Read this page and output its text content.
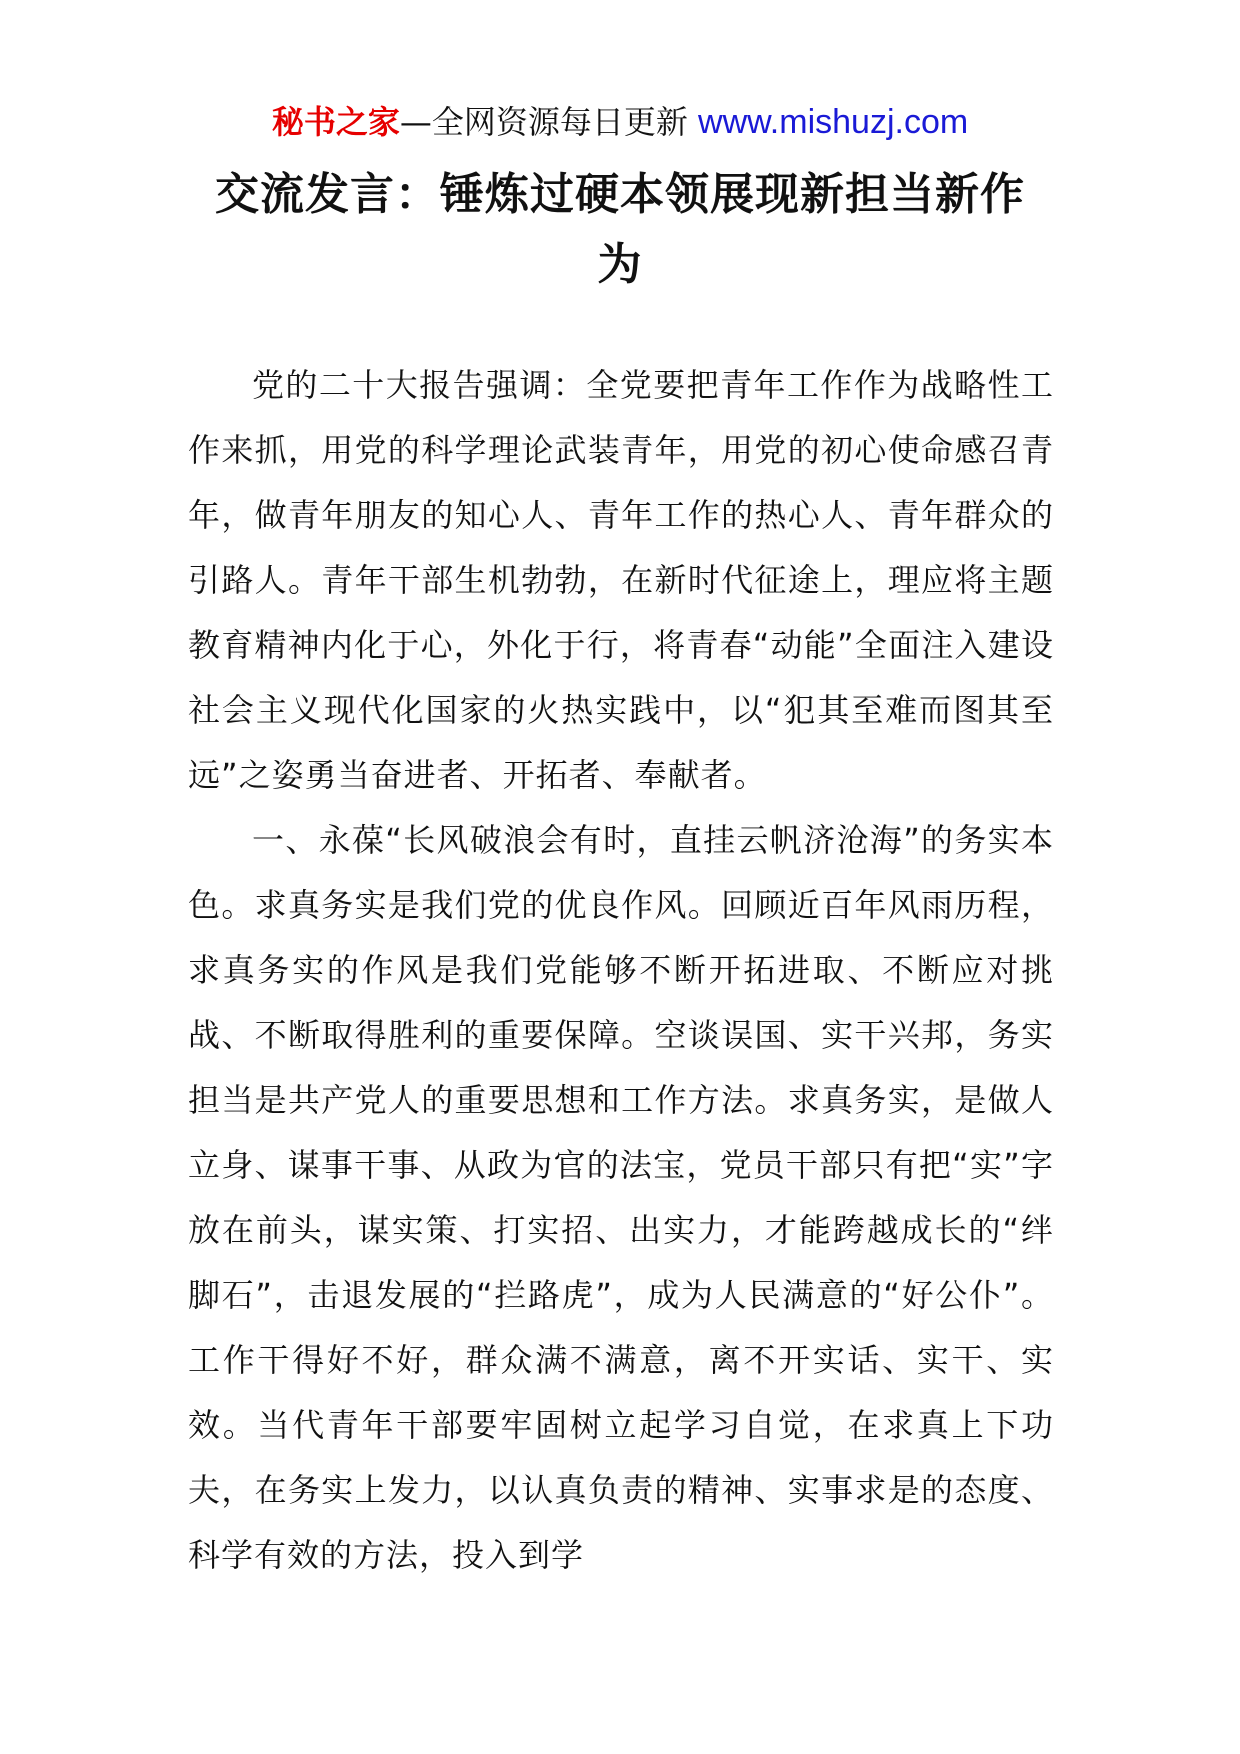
秘书之家—全网资源每日更新 www.mishuzj.com
交流发言：锤炼过硬本领展现新担当新作为

党的二十大报告强调：全党要把青年工作作为战略性工作来抓，用党的科学理论武装青年，用党的初心使命感召青年，做青年朋友的知心人、青年工作的热心人、青年群众的引路人。青年干部生机勃勃，在新时代征途上，理应将主题教育精神内化于心，外化于行，将青春“动能”全面注入建设社会主义现代化国家的火热实践中，以“犯其至难而图其至远”之姿勇当奋进者、开拓者、奉献者。

一、永葆“长风破浪会有时，直挂云帆济沧海”的务实本色。求真务实是我们党的优良作风。回顾近百年风雨历程，求真务实的作风是我们党能够不断开拓进取、不断应对挑战、不断取得胜利的重要保障。空谈误国、实干兴邦，务实担当是共产党人的重要思想和工作方法。求真务实，是做人立身、谋事干事、从政为官的法宝，党员干部只有把“实”字放在前头，谋实策、打实招、出实力，才能跨越成长的“绊脚石”，击退发展的“拦路虎”，成为人民满意的“好公仆”。工作干得好不好，群众满不满意，离不开实话、实干、实效。当代青年干部要牢固树立起学习自觉，在求真上下功夫，在务实上发力，以认真负责的精神、实事求是的态度、科学有效的方法，投入到学
